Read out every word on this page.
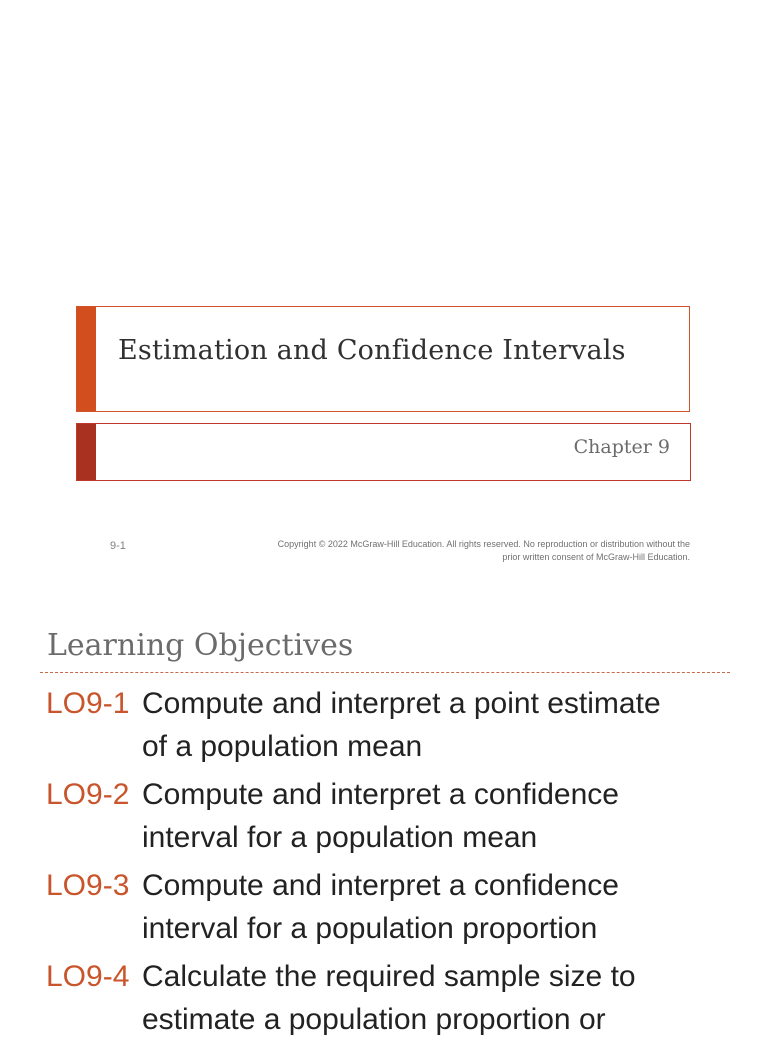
Estimation and Confidence Intervals
Chapter 9
9-1	Copyright © 2022 McGraw-Hill Education. All rights reserved. No reproduction or distribution without the
prior written consent of McGraw-Hill Education.
Learning Objectives
LO9-1 Compute and interpret a point estimate
of a population mean
LO9-2 Compute and interpret a confidence
interval for a population mean
LO9-3 Compute and interpret a confidence
interval for a population proportion
LO9-4 Calculate the required sample size to
estimate a population proportion or
